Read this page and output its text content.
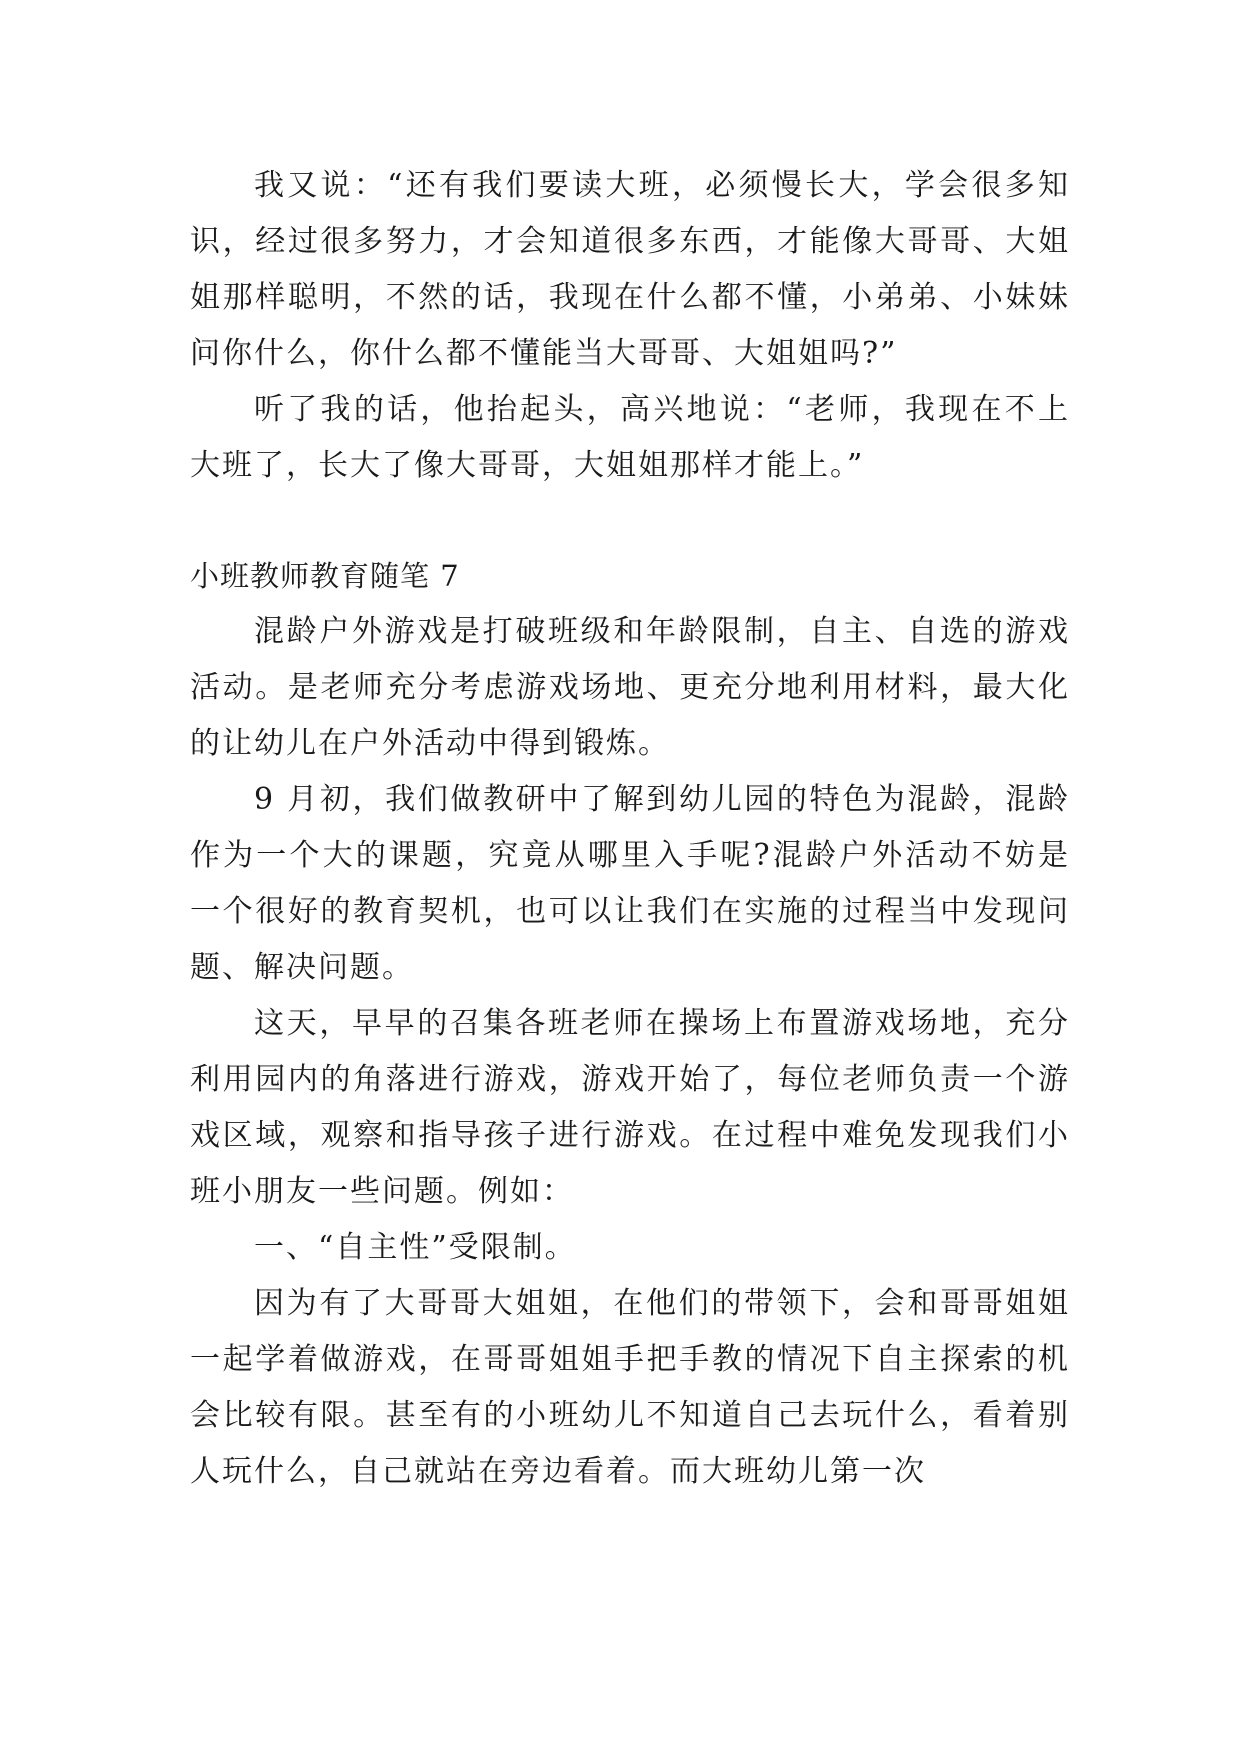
我又说：“还有我们要读大班，必须慢长大，学会很多知识，经过很多努力，才会知道很多东西，才能像大哥哥、大姐姐那样聪明，不然的话，我现在什么都不懂，小弟弟、小妹妹问你什么，你什么都不懂能当大哥哥、大姐姐吗?”

听了我的话，他抬起头，高兴地说：“老师，我现在不上大班了，长大了像大哥哥，大姐姐那样才能上。”

小班教师教育随笔 7

混龄户外游戏是打破班级和年龄限制，自主、自选的游戏活动。是老师充分考虑游戏场地、更充分地利用材料，最大化的让幼儿在户外活动中得到锻炼。

9 月初，我们做教研中了解到幼儿园的特色为混龄，混龄作为一个大的课题，究竟从哪里入手呢?混龄户外活动不妨是一个很好的教育契机，也可以让我们在实施的过程当中发现问题、解决问题。

这天，早早的召集各班老师在操场上布置游戏场地，充分利用园内的角落进行游戏，游戏开始了，每位老师负责一个游戏区域，观察和指导孩子进行游戏。在过程中难免发现我们小班小朋友一些问题。例如：

一、“自主性”受限制。

因为有了大哥哥大姐姐，在他们的带领下，会和哥哥姐姐一起学着做游戏，在哥哥姐姐手把手教的情况下自主探索的机会比较有限。甚至有的小班幼儿不知道自己去玩什么，看着别人玩什么，自己就站在旁边看着。而大班幼儿第一次
